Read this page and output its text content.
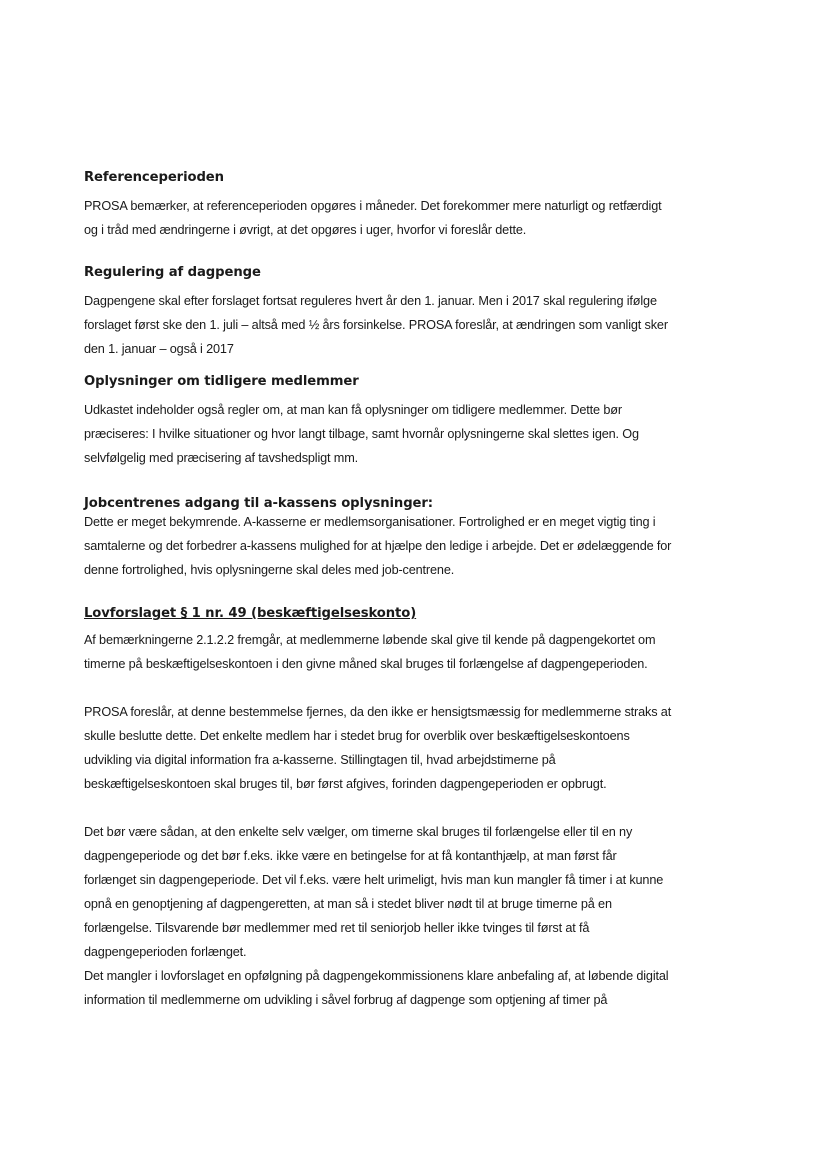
Referenceperioden
PROSA bemærker, at referenceperioden opgøres i måneder. Det forekommer mere naturligt og retfærdigt
og i tråd med ændringerne i øvrigt, at det opgøres i uger, hvorfor vi foreslår dette.
Regulering af dagpenge
Dagpengene skal efter forslaget fortsat reguleres hvert år den 1. januar. Men i 2017 skal regulering ifølge
forslaget først ske den 1. juli – altså med ½ års forsinkelse. PROSA foreslår, at ændringen som vanligt sker
den 1. januar – også i 2017
Oplysninger om tidligere medlemmer
Udkastet indeholder også regler om, at man kan få oplysninger om tidligere medlemmer. Dette bør
præciseres: I hvilke situationer og hvor langt tilbage, samt hvornår oplysningerne skal slettes igen. Og
selvfølgelig med præcisering af tavshedspligt mm.
Jobcentrenes adgang til a-kassens oplysninger:
Dette er meget bekymrende. A-kasserne er medlemsorganisationer. Fortrolighed er en meget vigtig ting i
samtalerne og det forbedrer a-kassens mulighed for at hjælpe den ledige i arbejde. Det er ødelæggende for
denne fortrolighed, hvis oplysningerne skal deles med job-centrene.
Lovforslaget § 1 nr. 49 (beskæftigelseskonto)
Af bemærkningerne 2.1.2.2 fremgår, at medlemmerne løbende skal give til kende på dagpengekortet om
timerne på beskæftigelseskontoen i den givne måned skal bruges til forlængelse af dagpengeperioden.
PROSA foreslår, at denne bestemmelse fjernes, da den ikke er hensigtsmæssig for medlemmerne straks at
skulle beslutte dette. Det enkelte medlem har i stedet brug for overblik over beskæftigelseskontoens
udvikling via digital information fra a-kasserne. Stillingtagen til, hvad arbejdstimerne på
beskæftigelseskontoen skal bruges til, bør først afgives, forinden dagpengeperioden er opbrugt.
Det bør være sådan, at den enkelte selv vælger, om timerne skal bruges til forlængelse eller til en ny
dagpengeperiode og det bør f.eks. ikke være en betingelse for at få kontanthjælp, at man først får
forlænget sin dagpengeperiode. Det vil f.eks. være helt urimeligt, hvis man kun mangler få timer i at kunne
opnå en genoptjening af dagpengeretten, at man så i stedet bliver nødt til at bruge timerne på en
forlængelse. Tilsvarende bør medlemmer med ret til seniorjob heller ikke tvinges til først at få
dagpengeperioden forlænget.
Det mangler i lovforslaget en opfølgning på dagpengekommissionens klare anbefaling af, at løbende digital
information til medlemmerne om udvikling i såvel forbrug af dagpenge som optjening af timer på
